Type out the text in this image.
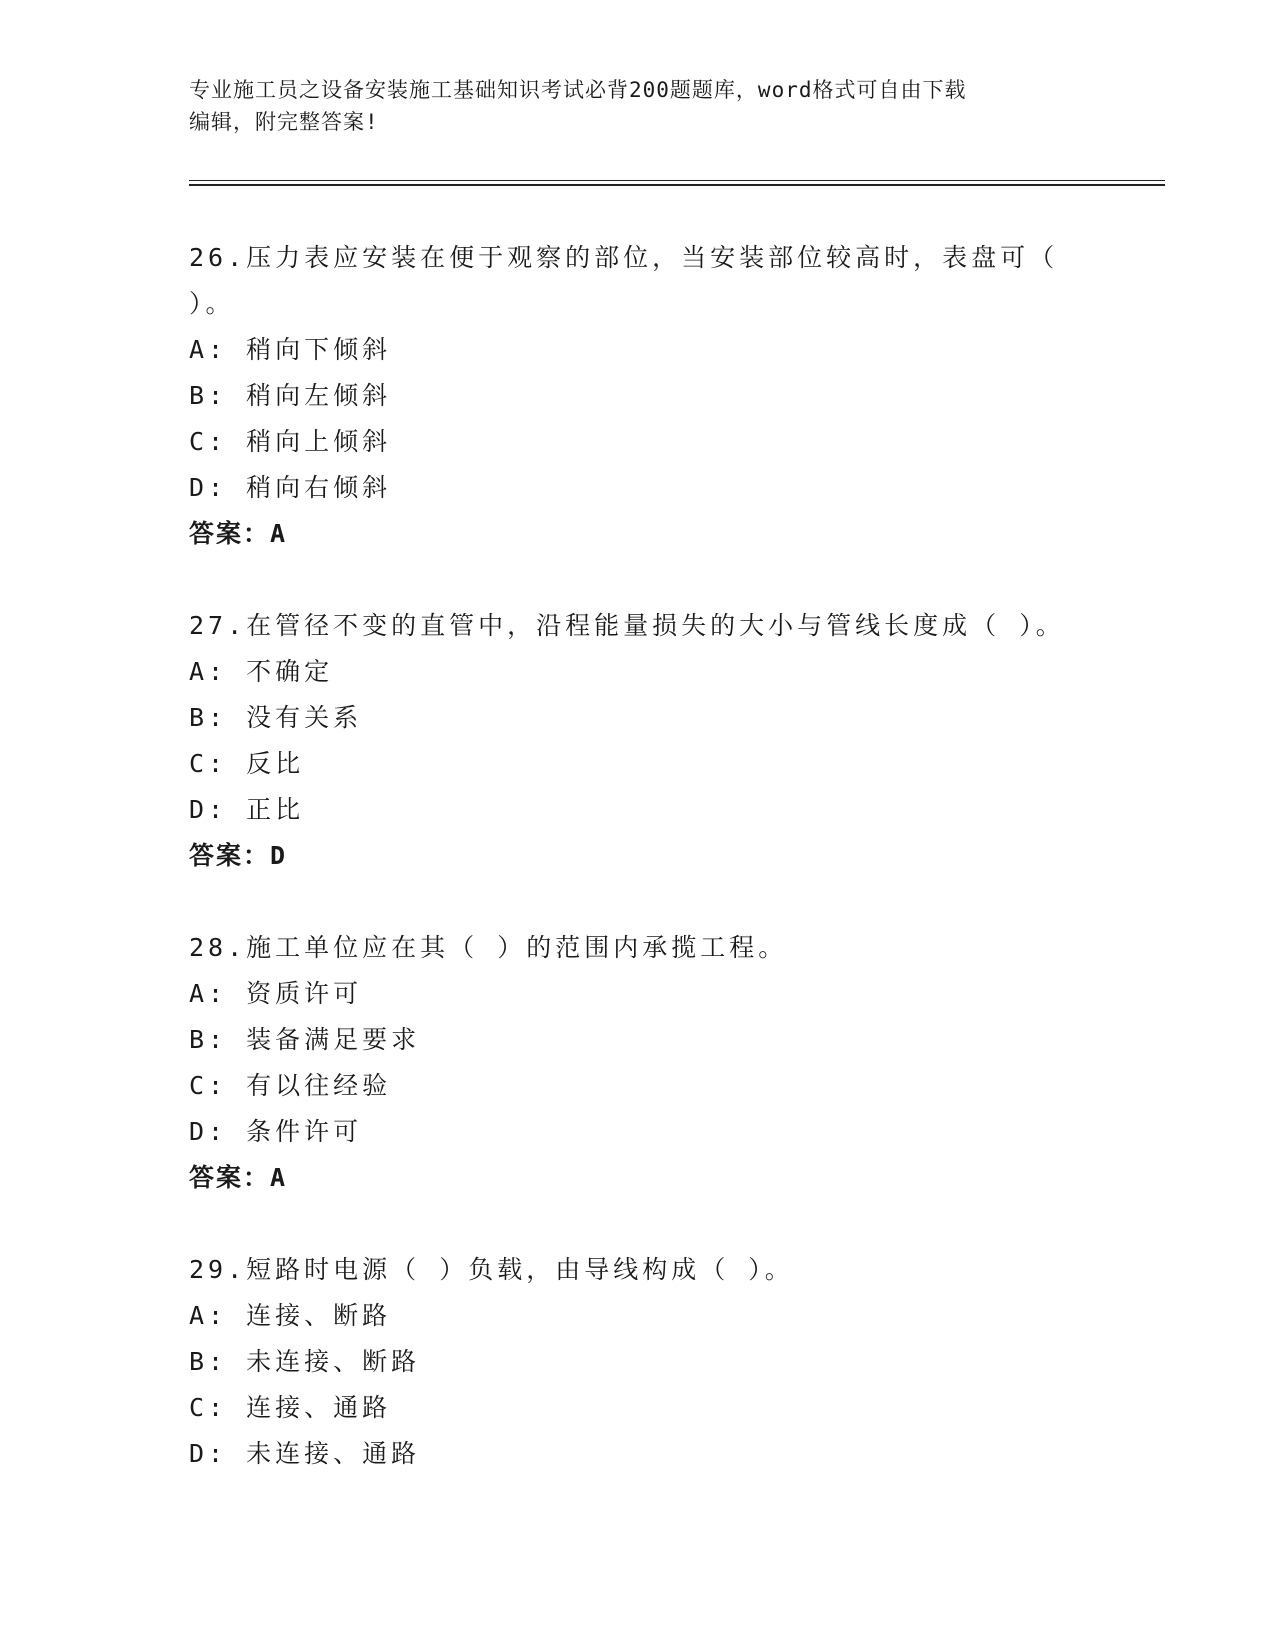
专业施工员之设备安装施工基础知识考试必背200题题库，word格式可自由下载
编辑，附完整答案!
26.压力表应安装在便于观察的部位，当安装部位较高时，表盘可（
）。
A: 稍向下倾斜
B: 稍向左倾斜
C: 稍向上倾斜
D: 稍向右倾斜
答案：A
27.在管径不变的直管中，沿程能量损失的大小与管线长度成（ ）。
A: 不确定
B: 没有关系
C: 反比
D: 正比
答案：D
28.施工单位应在其（ ）的范围内承揽工程。
A: 资质许可
B: 装备满足要求
C: 有以往经验
D: 条件许可
答案：A
29.短路时电源（ ）负载，由导线构成（ ）。
A: 连接、断路
B: 未连接、断路
C: 连接、通路
D: 未连接、通路
